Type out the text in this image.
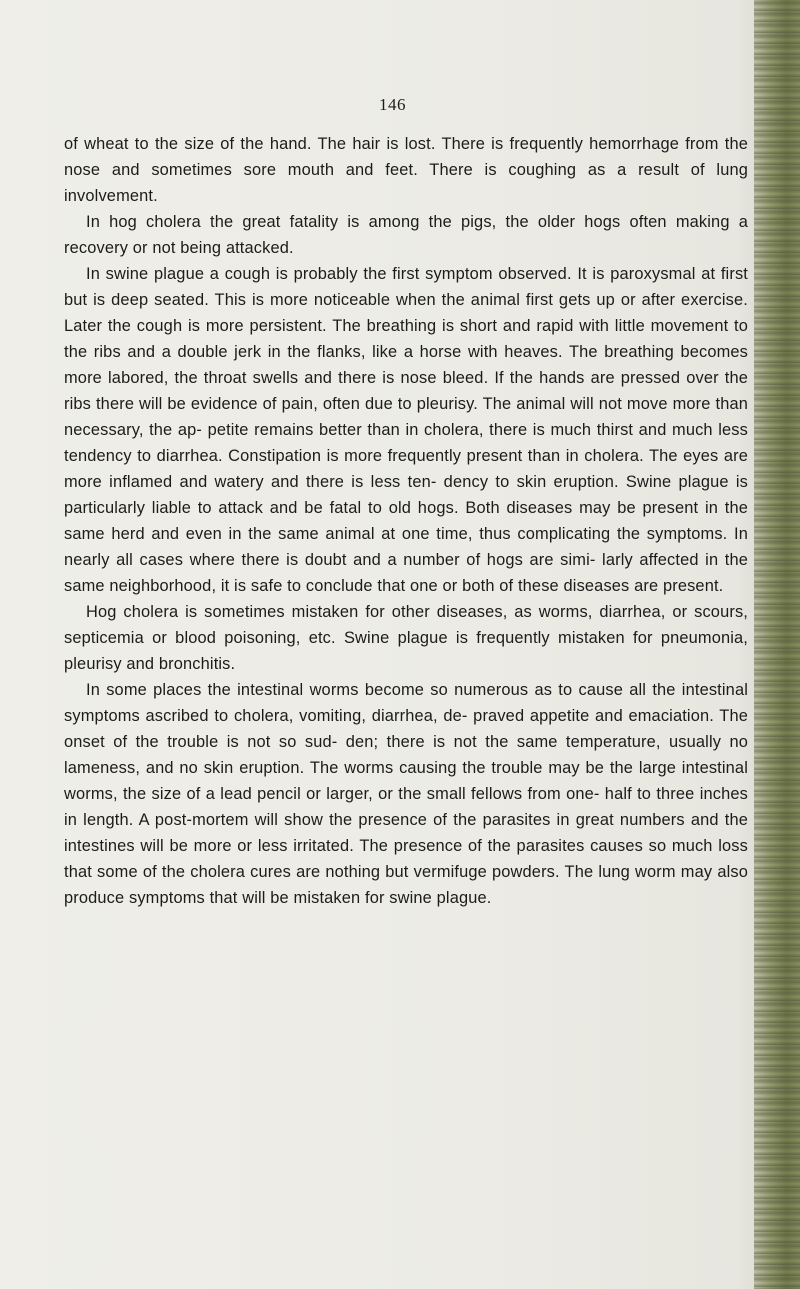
146

of wheat to the size of the hand. The hair is lost. There is frequently hemorrhage from the nose and sometimes sore mouth and feet. There is coughing as a result of lung involvement.

In hog cholera the great fatality is among the pigs, the older hogs often making a recovery or not being attacked.

In swine plague a cough is probably the first symptom observed. It is paroxysmal at first but is deep seated. This is more noticeable when the animal first gets up or after exercise. Later the cough is more persistent. The breathing is short and rapid with little movement to the ribs and a double jerk in the flanks, like a horse with heaves. The breathing becomes more labored, the throat swells and there is nose bleed. If the hands are pressed over the ribs there will be evidence of pain, often due to pleurisy. The animal will not move more than necessary, the ap- petite remains better than in cholera, there is much thirst and much less tendency to diarrhea. Constipation is more frequently present than in cholera. The eyes are more inflamed and watery and there is less ten- dency to skin eruption. Swine plague is particularly liable to attack and be fatal to old hogs. Both diseases may be present in the same herd and even in the same animal at one time, thus complicating the symptoms. In nearly all cases where there is doubt and a number of hogs are simi- larly affected in the same neighborhood, it is safe to conclude that one or both of these diseases are present.

Hog cholera is sometimes mistaken for other diseases, as worms, diarrhea, or scours, septicemia or blood poisoning, etc. Swine plague is frequently mistaken for pneumonia, pleurisy and bronchitis.

In some places the intestinal worms become so numerous as to cause all the intestinal symptoms ascribed to cholera, vomiting, diarrhea, de- praved appetite and emaciation. The onset of the trouble is not so sud- den; there is not the same temperature, usually no lameness, and no skin eruption. The worms causing the trouble may be the large intestinal worms, the size of a lead pencil or larger, or the small fellows from one- half to three inches in length. A post-mortem will show the presence of the parasites in great numbers and the intestines will be more or less irritated. The presence of the parasites causes so much loss that some of the cholera cures are nothing but vermifuge powders. The lung worm may also produce symptoms that will be mistaken for swine plague.
